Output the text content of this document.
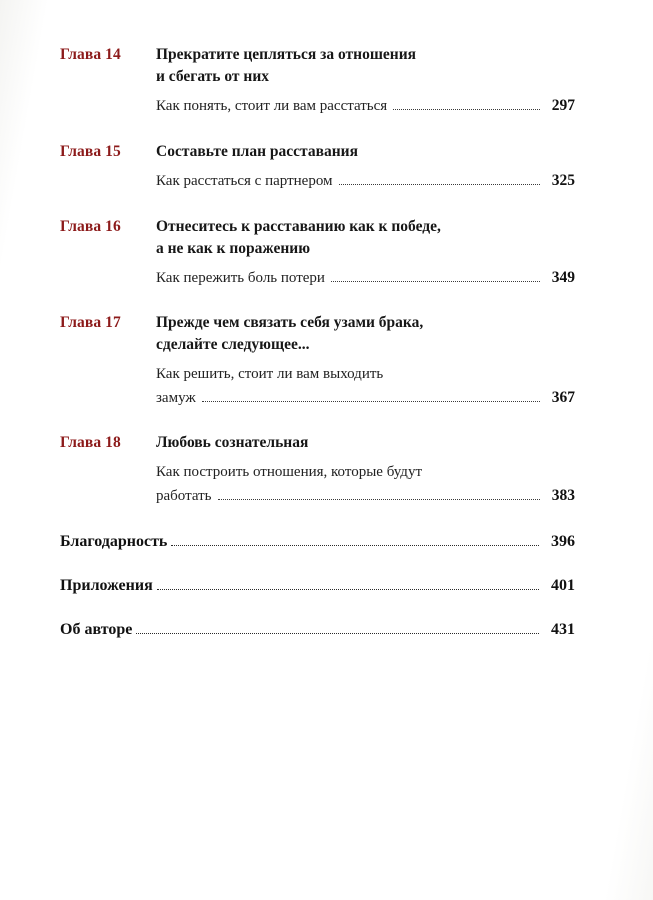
Глава 14	Прекратите цепляться за отношения
и сбегать от них
Как понять, стоит ли вам расстаться	297
Глава 15	Составьте план расставания
Как расстаться с партнером	325
Глава 16	Отнеситесь к расставанию как к победе,
а не как к поражению
Как пережить боль потери	349
Глава 17	Прежде чем связать себя узами брака,
сделайте следующее...
Как решить, стоит ли вам выходить
замуж	367
Глава 18	Любовь сознательная
Как построить отношения, которые будут
работать	383
Благодарность	396
Приложения	401
Об авторе	431
